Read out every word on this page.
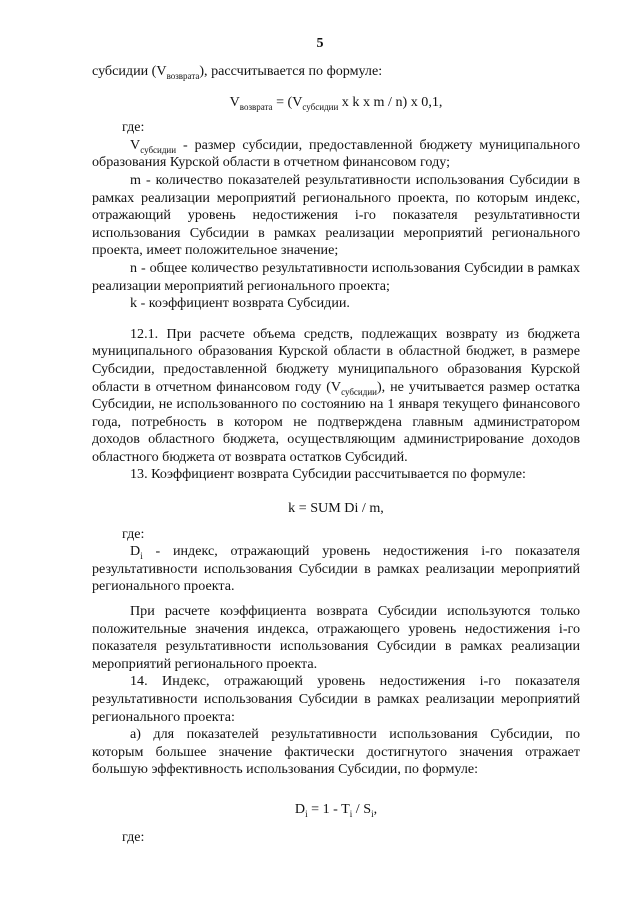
5

субсидии $(V_{возврата})$, рассчитывается по формуле:

$V_{возврата} = (V_{субсидии}$ x k x m / n) x 0,1,

где:

$V_{субсидии}$ - размер субсидии, предоставленной бюджету муниципального образования Курской области в отчетном финансовом году;

m - количество показателей результативности использования Субсидии в рамках реализации мероприятий регионального проекта, по которым индекс, отражающий уровень недостижения i-го показателя результативности использования Субсидии в рамках реализации мероприятий регионального проекта, имеет положительное значение;

n - общее количество результативности использования Субсидии в рамках реализации мероприятий регионального проекта;

k - коэффициент возврата Субсидии.

12.1. При расчете объема средств, подлежащих возврату из бюджета муниципального образования Курской области в областной бюджет, в размере Субсидии, предоставленной бюджету муниципального образования Курской области в отчетном финансовом году $(V_{субсидии})$, не учитывается размер остатка Субсидии, не использованного по состоянию на 1 января текущего финансового года, потребность в котором не подтверждена главным администратором доходов областного бюджета, осуществляющим администрирование доходов областного бюджета от возврата остатков Субсидий.

13. Коэффициент возврата Субсидии рассчитывается по формуле:

k = SUM Di / m,

где:

$D_i$ - индекс, отражающий уровень недостижения i-го показателя результативности использования Субсидии в рамках реализации мероприятий регионального проекта.

При расчете коэффициента возврата Субсидии используются только положительные значения индекса, отражающего уровень недостижения i-го показателя результативности использования Субсидии в рамках реализации мероприятий регионального проекта.

14. Индекс, отражающий уровень недостижения i-го показателя результативности использования Субсидии в рамках реализации мероприятий регионального проекта:

а) для показателей результативности использования Субсидии, по которым большее значение фактически достигнутого значения отражает большую эффективность использования Субсидии, по формуле:

$D_i = 1 - T_i / S_i$,

где:
